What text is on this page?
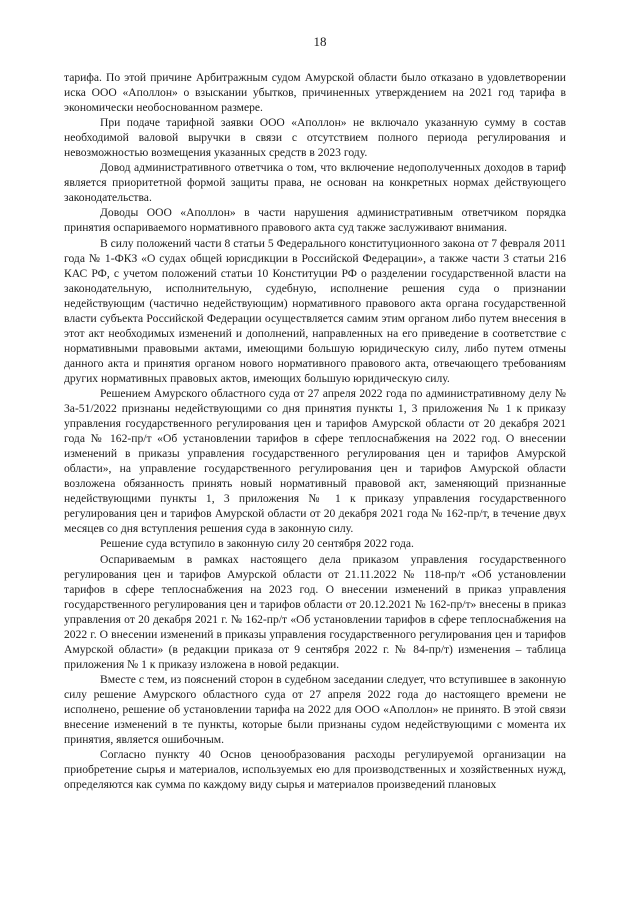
18

тарифа. По этой причине Арбитражным судом Амурской области было отказано в удовлетворении иска ООО «Аполлон» о взыскании убытков, причиненных утверждением на 2021 год тарифа в экономически необоснованном размере.

При подаче тарифной заявки ООО «Аполлон» не включало указанную сумму в состав необходимой валовой выручки в связи с отсутствием полного периода регулирования и невозможностью возмещения указанных средств в 2023 году.

Довод административного ответчика о том, что включение недополученных доходов в тариф является приоритетной формой защиты права, не основан на конкретных нормах действующего законодательства.

Доводы ООО «Аполлон» в части нарушения административным ответчиком порядка принятия оспариваемого нормативного правового акта суд также заслуживают внимания.

В силу положений части 8 статьи 5 Федерального конституционного закона от 7 февраля 2011 года № 1-ФКЗ «О судах общей юрисдикции в Российской Федерации», а также части 3 статьи 216 КАС РФ, с учетом положений статьи 10 Конституции РФ о разделении государственной власти на законодательную, исполнительную, судебную, исполнение решения суда о признании недействующим (частично недействующим) нормативного правового акта органа государственной власти субъекта Российской Федерации осуществляется самим этим органом либо путем внесения в этот акт необходимых изменений и дополнений, направленных на его приведение в соответствие с нормативными правовыми актами, имеющими большую юридическую силу, либо путем отмены данного акта и принятия органом нового нормативного правового акта, отвечающего требованиям других нормативных правовых актов, имеющих большую юридическую силу.

Решением Амурского областного суда от 27 апреля 2022 года по административному делу № 3а-51/2022 признаны недействующими со дня принятия пункты 1, 3 приложения № 1 к приказу управления государственного регулирования цен и тарифов Амурской области от 20 декабря 2021 года № 162-пр/т «Об установлении тарифов в сфере теплоснабжения на 2022 год. О внесении изменений в приказы управления государственного регулирования цен и тарифов Амурской области», на управление государственного регулирования цен и тарифов Амурской области возложена обязанность принять новый нормативный правовой акт, заменяющий признанные недействующими пункты 1, 3 приложения № 1 к приказу управления государственного регулирования цен и тарифов Амурской области от 20 декабря 2021 года № 162-пр/т, в течение двух месяцев со дня вступления решения суда в законную силу.

Решение суда вступило в законную силу 20 сентября 2022 года.

Оспариваемым в рамках настоящего дела приказом управления государственного регулирования цен и тарифов Амурской области от 21.11.2022 № 118-пр/т «Об установлении тарифов в сфере теплоснабжения на 2023 год. О внесении изменений в приказ управления государственного регулирования цен и тарифов области от 20.12.2021 № 162-пр/т» внесены в приказ управления от 20 декабря 2021 г. № 162-пр/т «Об установлении тарифов в сфере теплоснабжения на 2022 г. О внесении изменений в приказы управления государственного регулирования цен и тарифов Амурской области» (в редакции приказа от 9 сентября 2022 г. № 84-пр/т) изменения – таблица приложения № 1 к приказу изложена в новой редакции.

Вместе с тем, из пояснений сторон в судебном заседании следует, что вступившее в законную силу решение Амурского областного суда от 27 апреля 2022 года до настоящего времени не исполнено, решение об установлении тарифа на 2022 для ООО «Аполлон» не принято. В этой связи внесение изменений в те пункты, которые были признаны судом недействующими с момента их принятия, является ошибочным.

Согласно пункту 40 Основ ценообразования расходы регулируемой организации на приобретение сырья и материалов, используемых ею для производственных и хозяйственных нужд, определяются как сумма по каждому виду сырья и материалов произведений плановых
